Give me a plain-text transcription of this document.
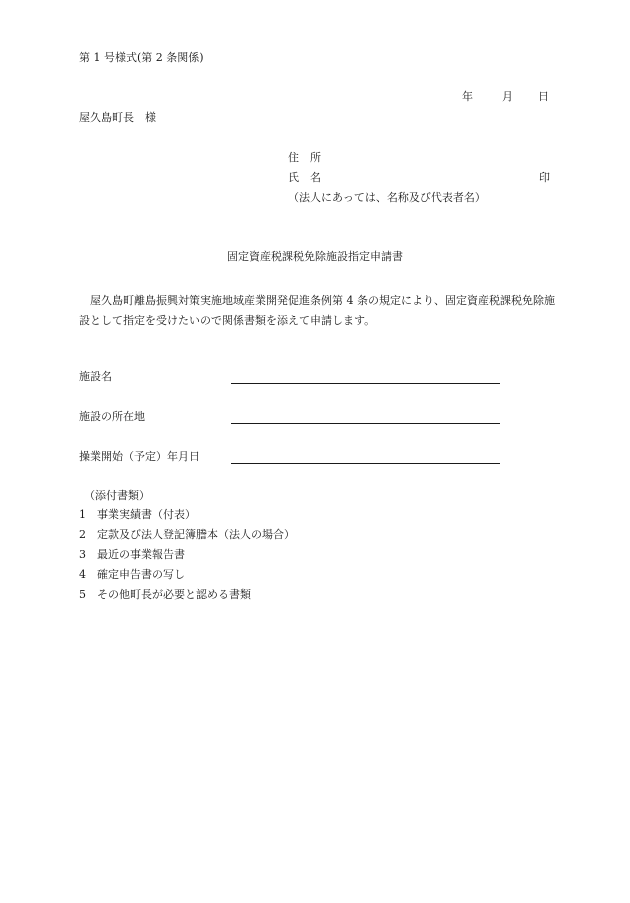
第 1 号様式(第 2 条関係)
年	月 日
屋久島町長　様
住　所
氏　名	印
（法人にあっては、名称及び代表者名）
固定資産税課税免除施設指定申請書
屋久島町離島振興対策実施地域産業開発促進条例第 4 条の規定により、固定資産税課税免除施設として指定を受けたいので関係書類を添えて申請します。
施設名
施設の所在地
操業開始（予定）年月日
（添付書類）
1 事業実績書（付表）
2 定款及び法人登記簿謄本（法人の場合）
3 最近の事業報告書
4 確定申告書の写し
5 その他町長が必要と認める書類
